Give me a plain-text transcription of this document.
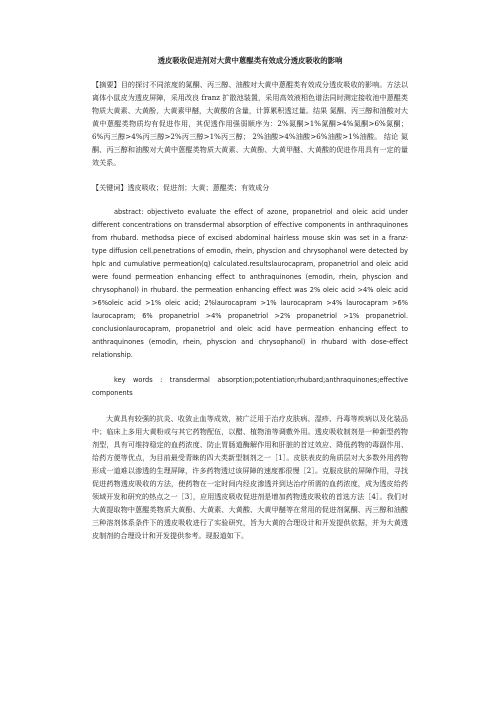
透皮吸收促进剂对大黄中蒽醌类有效成分透皮吸收的影响

【摘要】目的探讨不同浓度的氮酮、丙三醇、油酸对大黄中蒽醌类有效成分透皮吸收的影响。方法以离体小鼠皮为透皮屏障，采用改良 franz 扩散池装置，采用高效液相色谱法同时测定接收池中蒽醌类物质大黄素、大黄酚，大黄素甲醚，大黄酸的含量，计算累积透过量。结果 氮酮、丙三醇和油酸对大黄中蒽醌类物质均有促进作用，其促透作用强弱顺序为：2%氮酮>1%氮酮>4%氮酮>6%氮酮； 6%丙三醇>4%丙三醇>2%丙三醇>1%丙三醇； 2%油酸>4%油酸>6%油酸>1%油酸。 结论 氮酮、丙三醇和油酸对大黄中蒽醌类物质大黄素、大黄酚、大黄甲醚、大黄酸的促进作用具有一定的量效关系。

【关键词】透皮吸收；促进剂；大黄；蒽醌类；有效成分

abstract: objectiveto evaluate the effect of azone, propanetriol and oleic acid under different concentrations on transdermal absorption of effective components in anthraquinones from rhubard. methodsa piece of excised abdominal hairless mouse skin was set in a franz-type diffusion cell.penetrations of emodin, rhein, physcion and chrysophanol were detected by hplc and cumulative permeation(q) calculated.resultslaurocapram, propanetriol and oleic acid were found permeation enhancing effect to anthraquinones (emodin, rhein, physcion and chrysophanol) in rhubard. the permeation enhancing effect was 2% oleic acid >4% oleic acid >6%oleic acid >1% oleic acid; 2%laurocapram >1% laurocapram >4% laurocapram >6% laurocapram; 6% propanetriol >4% propanetriol >2% propanetriol >1% propanetriol. conclusionlaurocapram, propanetriol and oleic acid have permeation enhancing effect to anthraquinones (emodin, rhein, physcion and chrysophanol) in rhubard with dose-effect relationship.

key words : transdermal absorption;potentiation;rhubard;anthraquinones;effective components

大黄具有较强的抗炎、收敛止血等成效，被广泛用于治疗皮肤病、湿疹、丹毒等疾病以及化装品中；临床上多用大黄粉或与其它药物配伍，以醋、植物油等调敷外用。透皮吸收制剂是一种新型药物剂型，具有可维持稳定的血药浓度、防止胃肠道酶解作用和肝脏的首过效应、降低药物的毒副作用、给药方便等优点，为目前最受青睐的四大类新型制剂之一［1］。皮肤表皮的角质层对大多数外用药物形成一道难以渗透的生理屏障，许多药物透过该屏障的速度都很慢［2］。克服皮肤的屏障作用，寻找促进药物透皮吸收的方法，使药物在一定时间内经皮渗透并到达治疗所需的血药浓度，成为透皮给药领域开发和研究的热点之一［3］，应用透皮吸收促进剂是增加药物透皮吸收的首选方法［4］。我们对大黄提取物中蒽醌类物质大黄酚、大黄素、大黄酸、大黄甲醚等在常用的促进剂氮酮、丙三醇和油酸三种溶剂体系条件下的透皮吸收进行了实验研究，旨为大黄的合理设计和开发提供依据，并为大黄透皮制剂的合理设计和开发提供参考。现报道如下。
